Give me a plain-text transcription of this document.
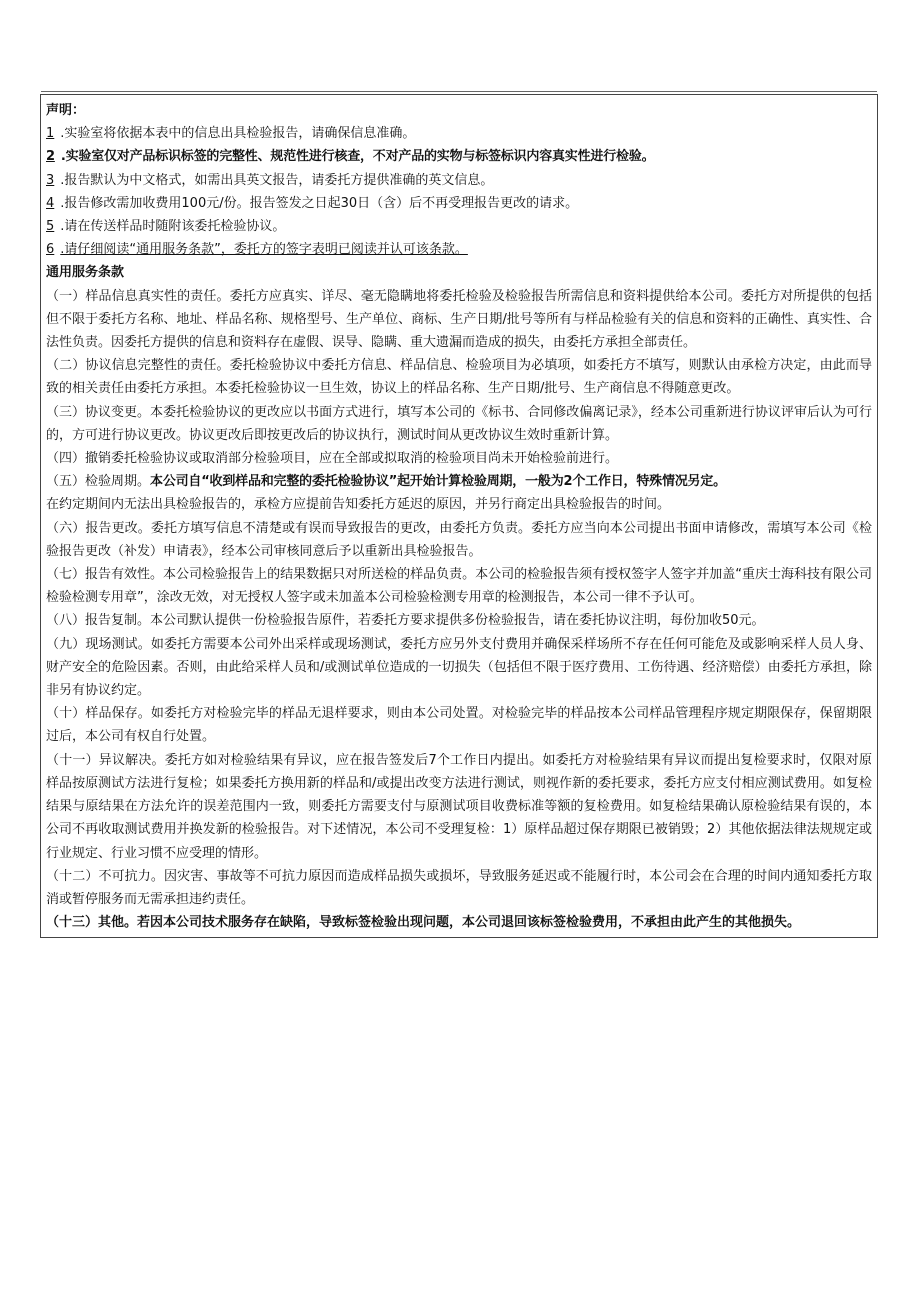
声明：
1 .实验室将依据本表中的信息出具检验报告，请确保信息准确。
2 .实验室仅对产品标识标签的完整性、规范性进行核查，不对产品的实物与标签标识内容真实性进行检验。
3 .报告默认为中文格式，如需出具英文报告，请委托方提供准确的英文信息。
4 .报告修改需加收费用100元/份。报告签发之日起30日（含）后不再受理报告更改的请求。
5 .请在传送样品时随附该委托检验协议。
6 .请仔细阅读“通用服务条款”，委托方的签字表明已阅读并认可该条款。
通用服务条款
（一）样品信息真实性的责任。委托方应真实、详尽、毫无隐瞒地将委托检验及检验报告所需信息和资料提供给本公司。委托方对所提供的包括但不限于委托方名称、地址、样品名称、规格型号、生产单位、商标、生产日期/批号等所有与样品检验有关的信息和资料的正确性、真实性、合法性负责。因委托方提供的信息和资料存在虚假、误导、隐瞒、重大遗漏而造成的损失，由委托方承担全部责任。
（二）协议信息完整性的责任。委托检验协议中委托方信息、样品信息、检验项目为必填项，如委托方不填写，则默认由承检方决定，由此而导致的相关责任由委托方承担。本委托检验协议一旦生效，协议上的样品名称、生产日期/批号、生产商信息不得随意更改。
（三）协议变更。本委托检验协议的更改应以书面方式进行，填写本公司的《标书、合同修改偏离记录》，经本公司重新进行协议评审后认为可行的，方可进行协议更改。协议更改后即按更改后的协议执行，测试时间从更改协议生效时重新计算。
（四）撤销委托检验协议或取消部分检验项目，应在全部或拟取消的检验项目尚未开始检验前进行。
（五）检验周期。本公司自“收到样品和完整的委托检验协议”起开始计算检验周期，一般为2个工作日，特殊情况另定。
在约定期间内无法出具检验报告的，承检方应提前告知委托方延迟的原因，并另行商定出具检验报告的时间。
（六）报告更改。委托方填写信息不清楚或有误而导致报告的更改，由委托方负责。委托方应当向本公司提出书面申请修改，需填写本公司《检验报告更改（补发）申请表》，经本公司审核同意后予以重新出具检验报告。
（七）报告有效性。本公司检验报告上的结果数据只对所送检的样品负责。本公司的检验报告须有授权签字人签字并加盖“重庆士海科技有限公司检验检测专用章”，涂改无效，对无授权人签字或未加盖本公司检验检测专用章的检测报告，本公司一律不予认可。
（八）报告复制。本公司默认提供一份检验报告原件，若委托方要求提供多份检验报告，请在委托协议注明，每份加收50元。
（九）现场测试。如委托方需要本公司外出采样或现场测试，委托方应另外支付费用并确保采样场所不存在任何可能危及或影响采样人员人身、财产安全的危险因素。否则，由此给采样人员和/或测试单位造成的一切损失（包括但不限于医疗费用、工伤待遇、经济赔偿）由委托方承担，除非另有协议约定。
（十）样品保存。如委托方对检验完毕的样品无退样要求，则由本公司处置。对检验完毕的样品按本公司样品管理程序规定期限保存，保留期限过后，本公司有权自行处置。
（十一）异议解决。委托方如对检验结果有异议，应在报告签发后7个工作日内提出。如委托方对检验结果有异议而提出复检要求时，仅限对原样品按原测试方法进行复检；如果委托方换用新的样品和/或提出改变方法进行测试，则视作新的委托要求，委托方应支付相应测试费用。如复检结果与原结果在方法允许的误差范围内一致，则委托方需要支付与原测试项目收费标准等额的复检费用。如复检结果确认原检验结果有误的，本公司不再收取测试费用并换发新的检验报告。对下述情况，本公司不受理复检：1）原样品超过保存期限已被销毁；2）其他依据法律法规规定或行业规定、行业习惯不应受理的情形。
（十二）不可抗力。因灾害、事故等不可抗力原因而造成样品损失或损坏，导致服务延迟或不能履行时，本公司会在合理的时间内通知委托方取消或暂停服务而无需承担违约责任。
（十三）其他。若因本公司技术服务存在缺陷，导致标签检验出现问题，本公司退回该标签检验费用，不承担由此产生的其他损失。
